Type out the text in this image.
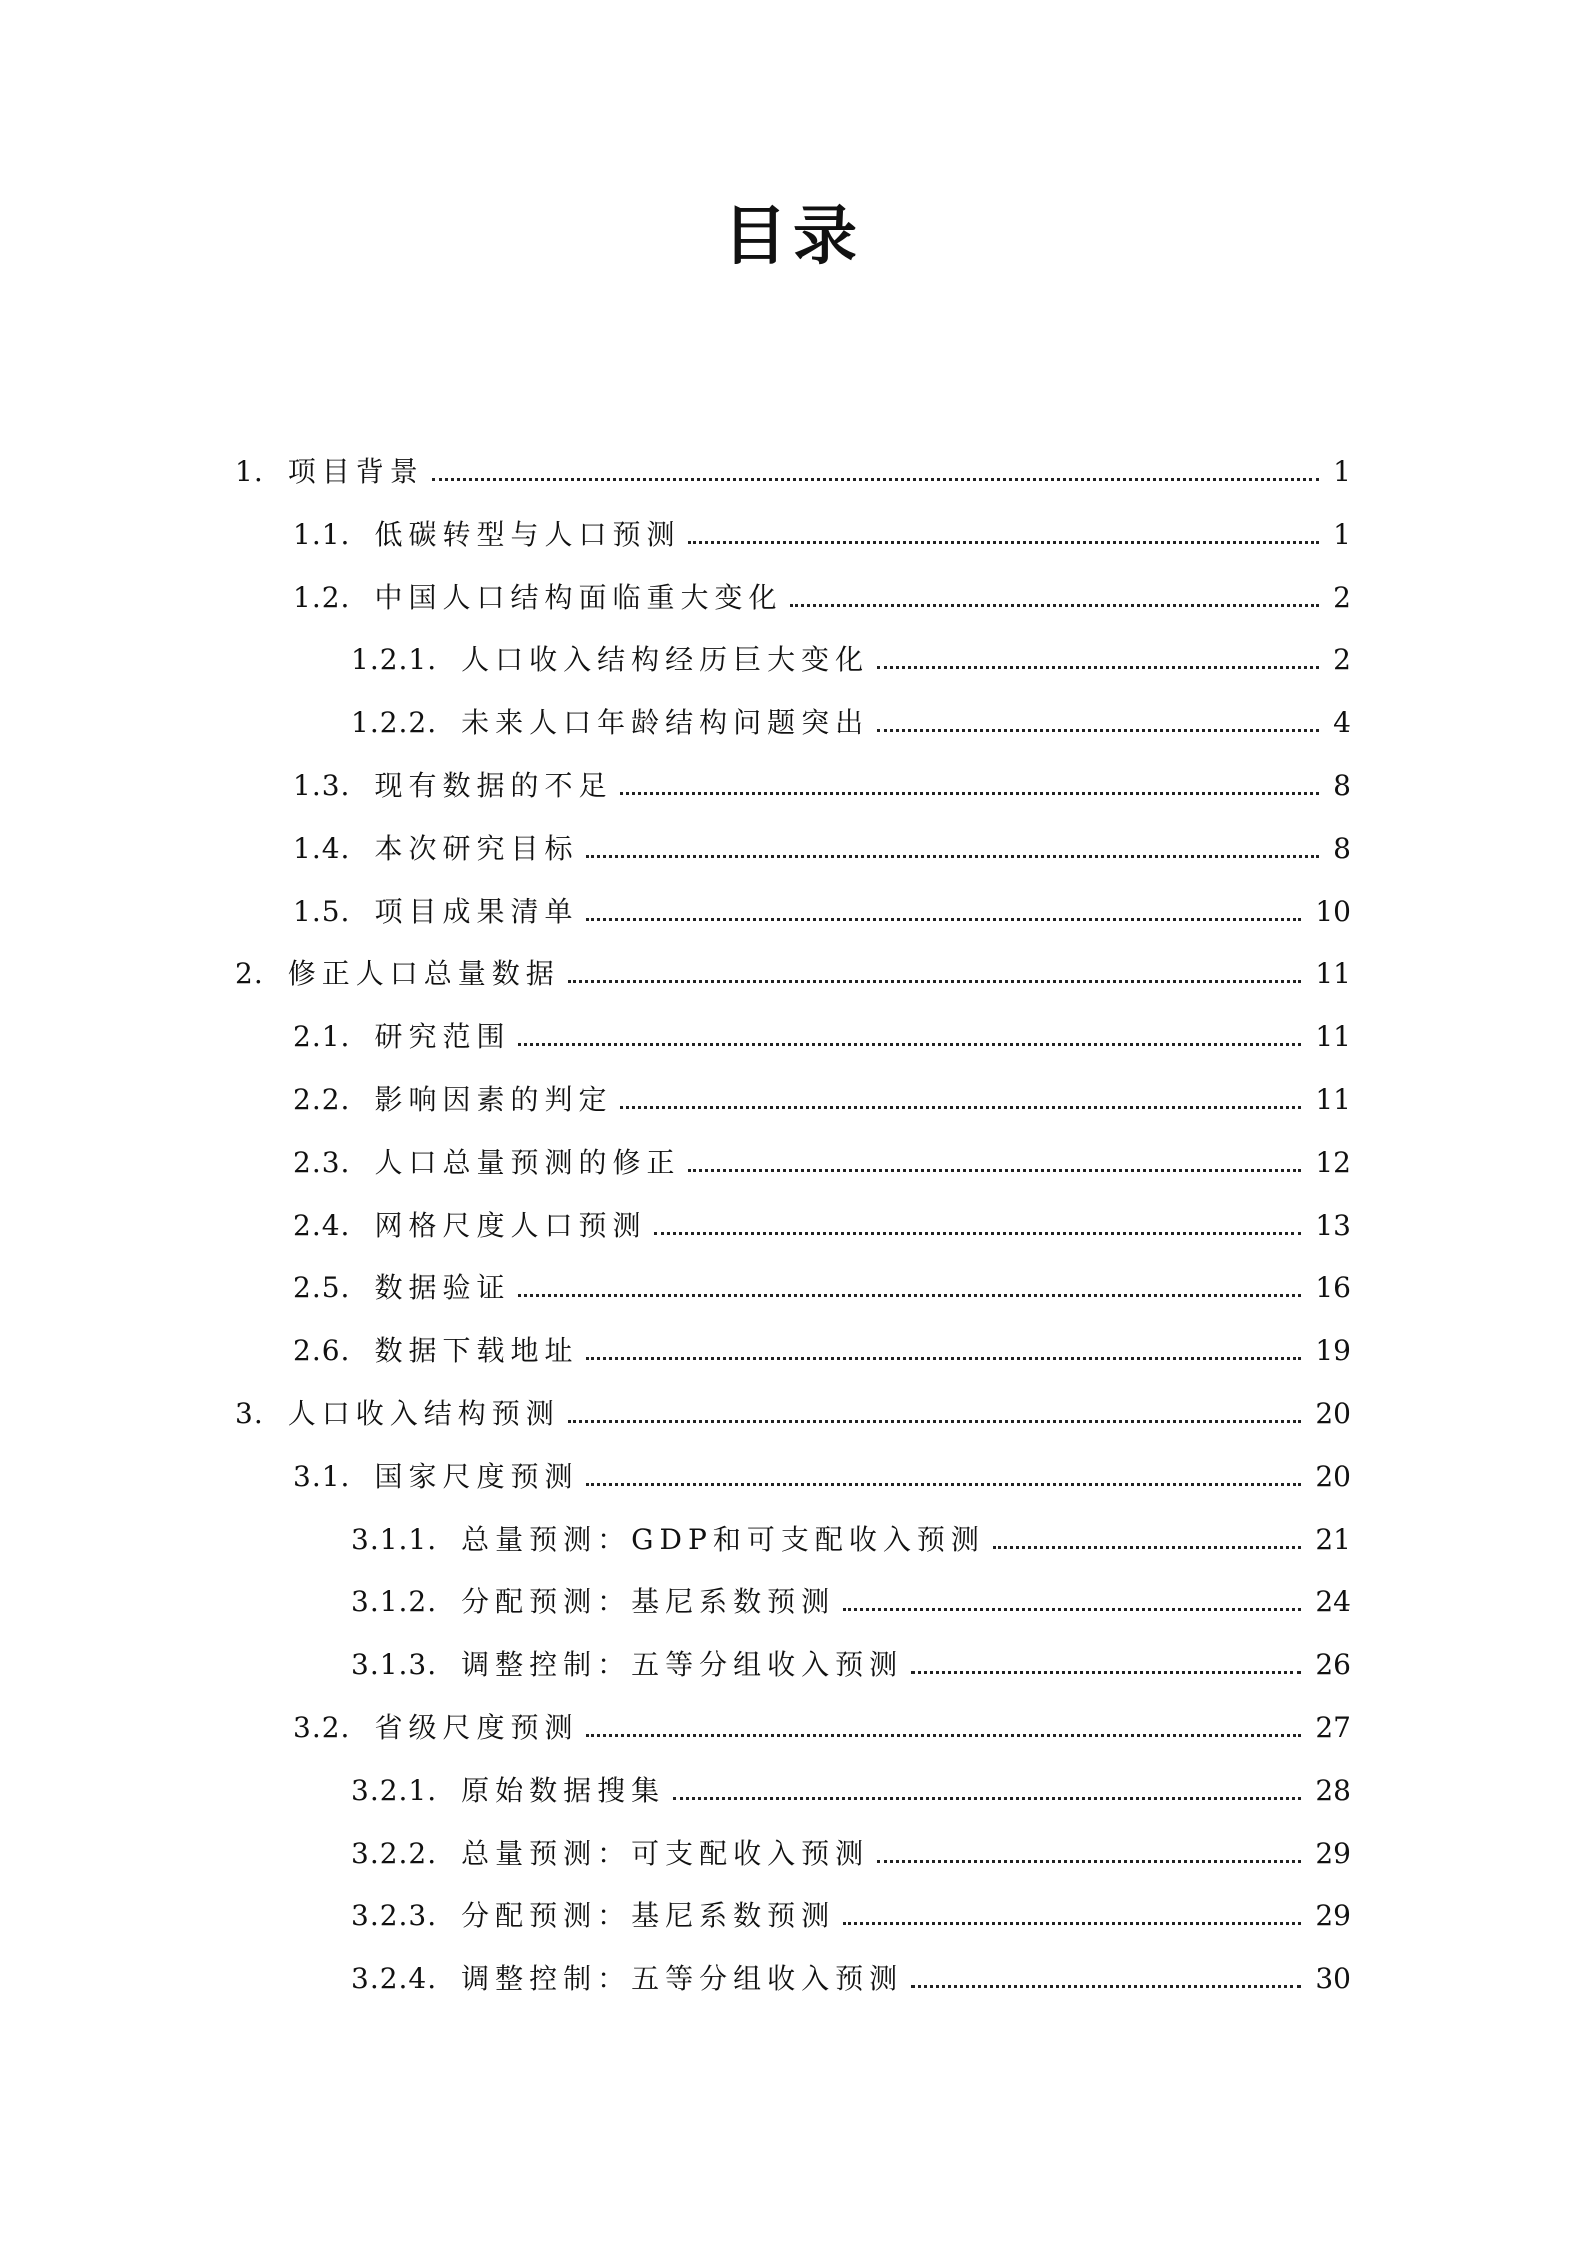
目录
1. 项目背景	1
1.1. 低碳转型与人口预测	1
1.2. 中国人口结构面临重大变化	2
1.2.1. 人口收入结构经历巨大变化	2
1.2.2. 未来人口年龄结构问题突出	4
1.3. 现有数据的不足	8
1.4. 本次研究目标	8
1.5. 项目成果清单	10
2. 修正人口总量数据	11
2.1. 研究范围	11
2.2. 影响因素的判定	11
2.3. 人口总量预测的修正	12
2.4. 网格尺度人口预测	13
2.5. 数据验证	16
2.6. 数据下载地址	19
3. 人口收入结构预测	20
3.1. 国家尺度预测	20
3.1.1. 总量预测：GDP和可支配收入预测	21
3.1.2. 分配预测：基尼系数预测	24
3.1.3. 调整控制：五等分组收入预测	26
3.2. 省级尺度预测	27
3.2.1. 原始数据搜集	28
3.2.2. 总量预测：可支配收入预测	29
3.2.3. 分配预测：基尼系数预测	29
3.2.4. 调整控制：五等分组收入预测	30
